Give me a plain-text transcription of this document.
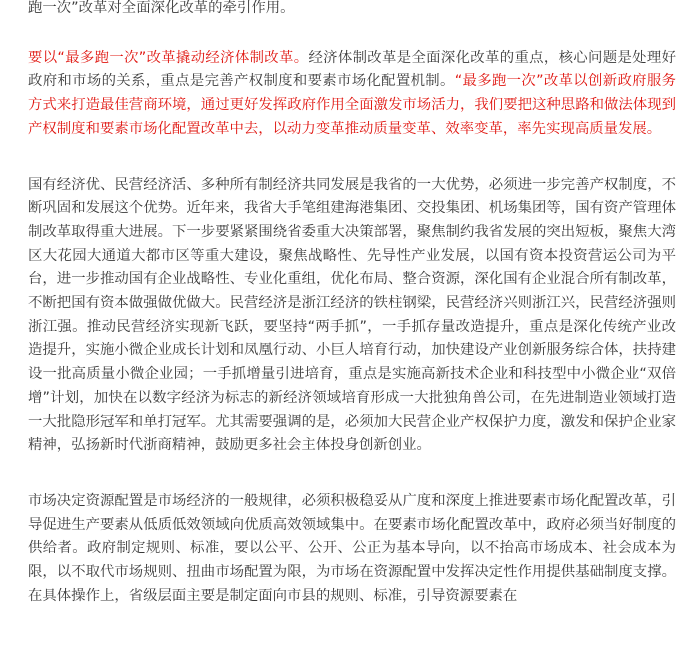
跑一次”改革对全面深化改革的牵引作用。

要以“最多跑一次”改革撬动经济体制改革。经济体制改革是全面深化改革的重点，核心问题是处理好政府和市场的关系，重点是完善产权制度和要素市场化配置机制。“最多跑一次”改革以创新政府服务方式来打造最佳营商环境，通过更好发挥政府作用全面激发市场活力，我们要把这种思路和做法体现到产权制度和要素市场化配置改革中去，以动力变革推动质量变革、效率变革，率先实现高质量发展。

国有经济优、民营经济活、多种所有制经济共同发展是我省的一大优势，必须进一步完善产权制度，不断巩固和发展这个优势。近年来，我省大手笔组建海港集团、交投集团、机场集团等，国有资产管理体制改革取得重大进展。下一步要紧紧围绕省委重大决策部署，聚焦制约我省发展的突出短板，聚焦大湾区大花园大通道大都市区等重大建设，聚焦战略性、先导性产业发展，以国有资本投资营运公司为平台，进一步推动国有企业战略性、专业化重组，优化布局、整合资源，深化国有企业混合所有制改革，不断把国有资本做强做优做大。民营经济是浙江经济的铁柱钢梁，民营经济兴则浙江兴，民营经济强则浙江强。推动民营经济实现新飞跃，要坚持“两手抓”，一手抓存量改造提升，重点是深化传统产业改造提升，实施小微企业成长计划和凤凰行动、小巨人培育行动，加快建设产业创新服务综合体，扶持建设一批高质量小微企业园；一手抓增量引进培育，重点是实施高新技术企业和科技型中小微企业“双倍增”计划，加快在以数字经济为标志的新经济领域培育形成一大批独角兽公司，在先进制造业领域打造一大批隐形冠军和单打冠军。尤其需要强调的是，必须加大民营企业产权保护力度，激发和保护企业家精神，弘扬新时代浙商精神，鼓励更多社会主体投身创新创业。

市场决定资源配置是市场经济的一般规律，必须积极稳妥从广度和深度上推进要素市场化配置改革，引导促进生产要素从低质低效领域向优质高效领域集中。在要素市场化配置改革中，政府必须当好制度的供给者。政府制定规则、标准，要以公平、公开、公正为基本导向，以不抬高市场成本、社会成本为限，以不取代市场规则、扭曲市场配置为限，为市场在资源配置中发挥决定性作用提供基础制度支撑。在具体操作上，省级层面主要是制定面向市县的规则、标准，引导资源要素在
